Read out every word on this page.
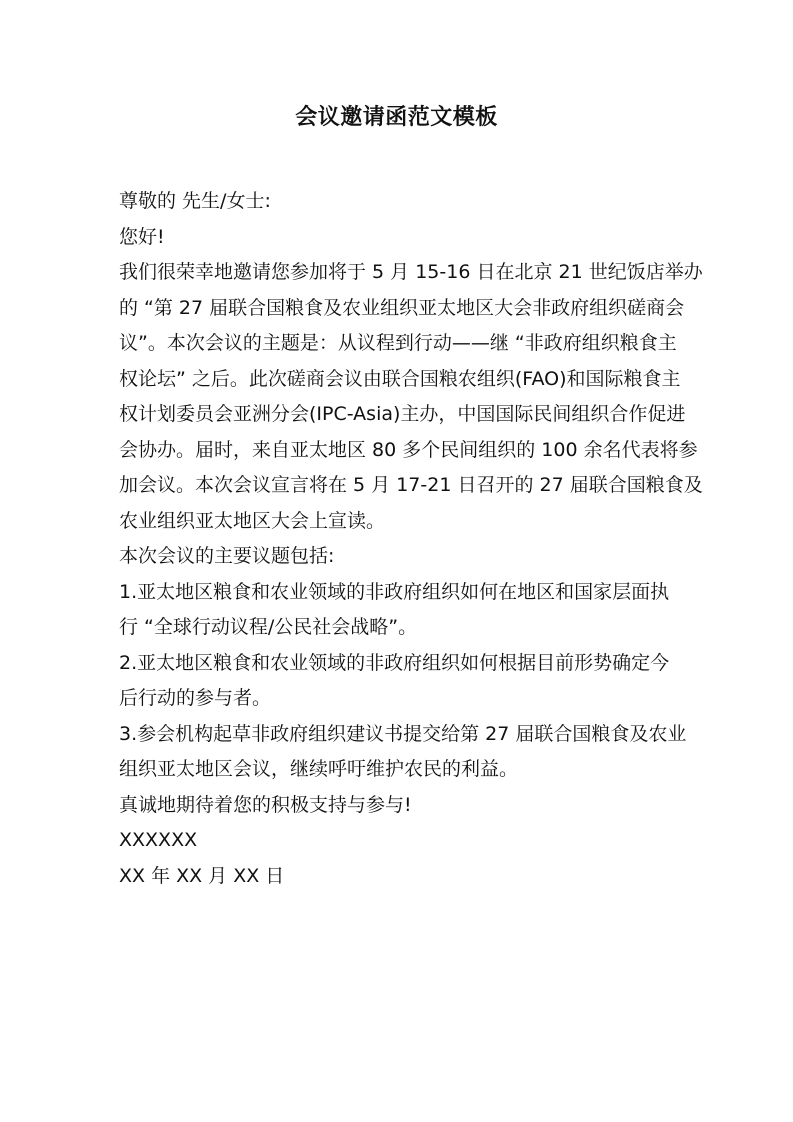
会议邀请函范文模板

尊敬的 先生/女士:

您好!

我们很荣幸地邀请您参加将于 5 月 15-16 日在北京 21 世纪饭店举办

的 “第 27 届联合国粮食及农业组织亚太地区大会非政府组织磋商会

议”。本次会议的主题是：从议程到行动——继 “非政府组织粮食主

权论坛” 之后。此次磋商会议由联合国粮农组织(FAO)和国际粮食主

权计划委员会亚洲分会(IPC-Asia)主办，中国国际民间组织合作促进

会协办。届时，来自亚太地区 80 多个民间组织的 100 余名代表将参

加会议。本次会议宣言将在 5 月 17-21 日召开的 27 届联合国粮食及

农业组织亚太地区大会上宣读。

本次会议的主要议题包括:

1.亚太地区粮食和农业领域的非政府组织如何在地区和国家层面执

行 “全球行动议程/公民社会战略”。

2.亚太地区粮食和农业领域的非政府组织如何根据目前形势确定今

后行动的参与者。

3.参会机构起草非政府组织建议书提交给第 27 届联合国粮食及农业

组织亚太地区会议，继续呼吁维护农民的利益。

真诚地期待着您的积极支持与参与!

XXXXXX

XX 年 XX 月 XX 日
